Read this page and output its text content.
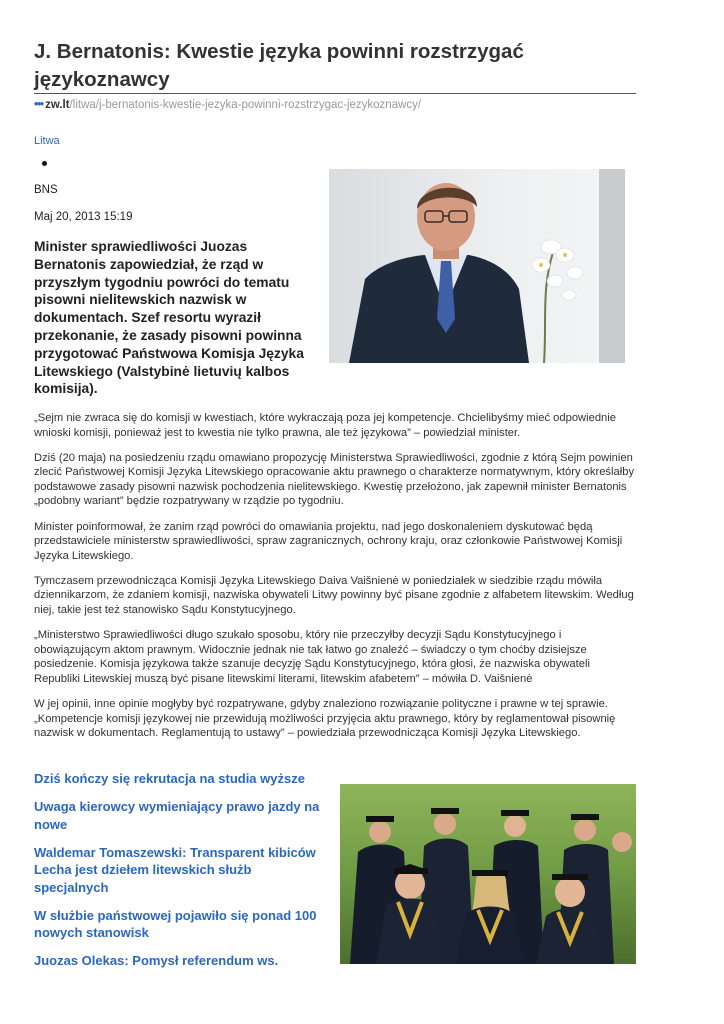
J. Bernatonis: Kwestie języka powinni rozstrzygać językoznawcy
••• zw.lt/litwa/j-bernatonis-kwestie-jezyka-powinni-rozstrzygac-jezykoznawcy/
Litwa
BNS
Maj 20, 2013 15:19

Minister sprawiedliwości Juozas Bernatonis zapowiedział, że rząd w przyszłym tygodniu powróci do tematu pisowni nielitewskich nazwisk w dokumentach. Szef resortu wyraził przekonanie, że zasady pisowni powinna przygotować Państwowa Komisja Języka Litewskiego (Valstybinė lietuvių kalbos komisija).

„Sejm nie zwraca się do komisji w kwestiach, które wykraczają poza jej kompetencje. Chcielibyśmy mieć odpowiednie wnioski komisji, ponieważ jest to kwestia nie tylko prawna, ale też językowa” – powiedział minister.

Dziś (20 maja) na posiedzeniu rządu omawiano propozycję Ministerstwa Sprawiedliwości, zgodnie z którą Sejm powinien zlecić Państwowej Komisji Języka Litewskiego opracowanie aktu prawnego o charakterze normatywnym, który określałby podstawowe zasady pisowni nazwisk pochodzenia nielitewskiego. Kwestię przełożono, jak zapewnił minister Bernatonis „podobny wariant” będzie rozpatrywany w rządzie po tygodniu.

Minister poinformował, że zanim rząd powróci do omawiania projektu, nad jego doskonaleniem dyskutować będą przedstawiciele ministerstw sprawiedliwości, spraw zagranicznych, ochrony kraju, oraz członkowie Państwowej Komisji Języka Litewskiego.

Tymczasem przewodnicząca Komisji Języka Litewskiego Daiva Vaišnienė w poniedziałek w siedzibie rządu mówiła dziennikarzom, że zdaniem komisji, nazwiska obywateli Litwy powinny być pisane zgodnie z alfabetem litewskim. Według niej, takie jest też stanowisko Sądu Konstytucyjnego.

„Ministerstwo Sprawiedliwości długo szukało sposobu, który nie przeczyłby decyzji Sądu Konstytucyjnego i obowiązującym aktom prawnym. Widocznie jednak nie tak łatwo go znaleźć – świadczy o tym choćby dzisiejsze posiedzenie. Komisja językowa także szanuje decyzję Sądu Konstytucyjnego, która głosi, że nazwiska obywateli Republiki Litewskiej muszą być pisane litewskimi literami, litewskim afabetem” – mówiła D. Vaišnienė

W jej opinii, inne opinie mogłyby być rozpatrywane, gdyby znaleziono rozwiązanie polityczne i prawne w tej sprawie. „Kompetencje komisji językowej nie przewidują możliwości przyjęcia aktu prawnego, który by reglamentował pisownię nazwisk w dokumentach. Reglamentują to ustawy” – powiedziała przewodnicząca Komisji Języka Litewskiego.

Dziś kończy się rekrutacja na studia wyższe
Uwaga kierowcy wymieniający prawo jazdy na nowe
Waldemar Tomaszewski: Transparent kibiców Lecha jest dziełem litewskich służb specjalnych
W służbie państwowej pojawiło się ponad 100 nowych stanowisk
Juozas Olekas: Pomysł referendum ws.
